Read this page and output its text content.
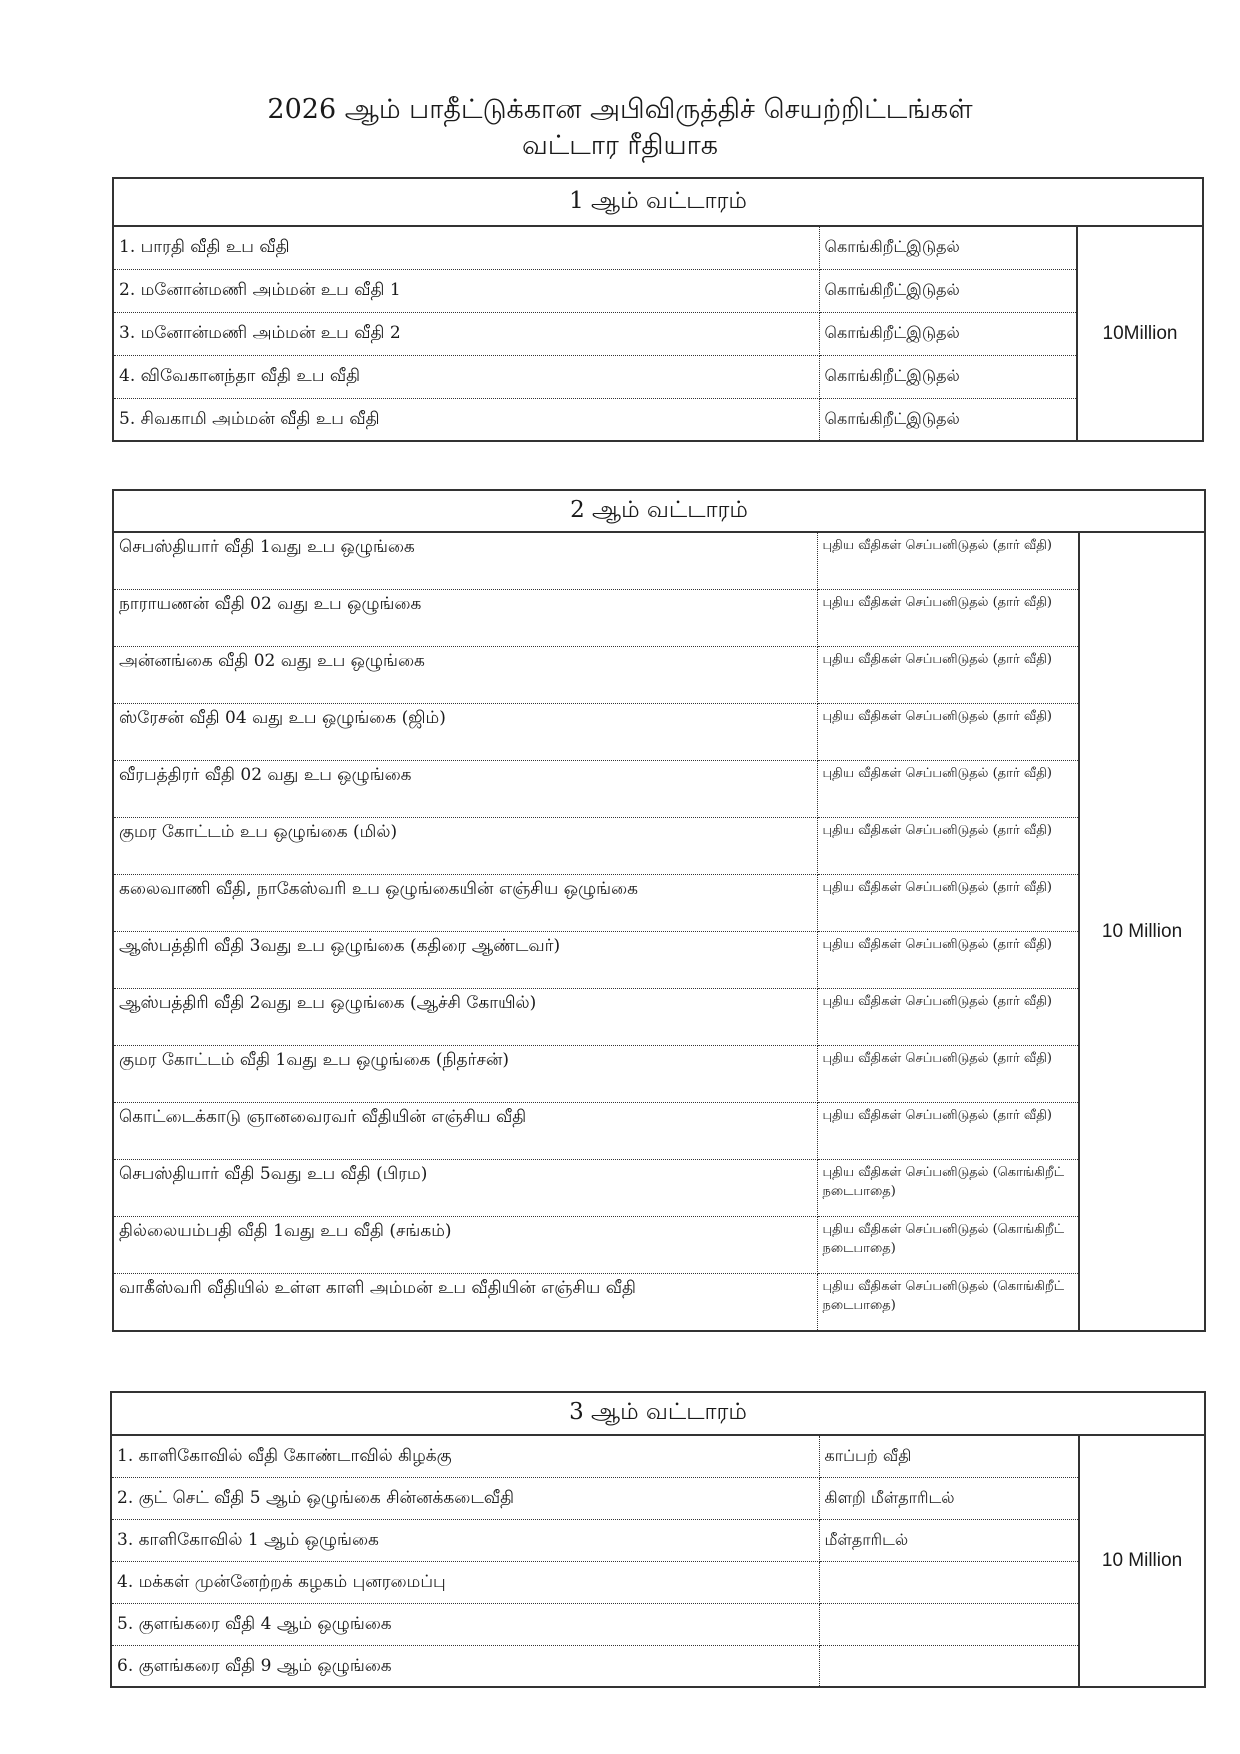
2026 ஆம் பாதீட்டுக்கான அபிவிருத்திச் செயற்றிட்டங்கள்
வட்டார ரீதியாக
1 ஆம் வட்டாரம்		
1. பாரதி வீதி உப வீதி	கொங்கிறீட்இடுதல்	10Million
2. மனோன்மணி அம்மன் உப வீதி 1	கொங்கிறீட்இடுதல்	
3. மனோன்மணி அம்மன் உப வீதி 2	கொங்கிறீட்இடுதல்	
4. விவேகானந்தா வீதி உப வீதி	கொங்கிறீட்இடுதல்	
5. சிவகாமி அம்மன் வீதி உப வீதி	கொங்கிறீட்இடுதல்	
2 ஆம் வட்டாரம்		
செபஸ்தியார் வீதி 1வது உப ஒழுங்கை	புதிய வீதிகள் செப்பனிடுதல் (தார் வீதி)	10 Million
நாராயணன் வீதி 02 வது உப ஒழுங்கை	புதிய வீதிகள் செப்பனிடுதல் (தார் வீதி)	
அன்னங்கை வீதி 02 வது உப ஒழுங்கை	புதிய வீதிகள் செப்பனிடுதல் (தார் வீதி)	
ஸ்ரேசன் வீதி 04 வது உப ஒழுங்கை (ஜிம்)	புதிய வீதிகள் செப்பனிடுதல் (தார் வீதி)	
வீரபத்திரர் வீதி 02 வது உப ஒழுங்கை	புதிய வீதிகள் செப்பனிடுதல் (தார் வீதி)	
குமர கோட்டம் உப ஒழுங்கை (மில்)	புதிய வீதிகள் செப்பனிடுதல் (தார் வீதி)	
கலைவாணி வீதி, நாகேஸ்வரி உப ஒழுங்கையின் எஞ்சிய ஒழுங்கை	புதிய வீதிகள் செப்பனிடுதல் (தார் வீதி)	
ஆஸ்பத்திரி வீதி 3வது உப ஒழுங்கை (கதிரை ஆண்டவர்)	புதிய வீதிகள் செப்பனிடுதல் (தார் வீதி)	
ஆஸ்பத்திரி வீதி 2வது உப ஒழுங்கை (ஆச்சி கோயில்)	புதிய வீதிகள் செப்பனிடுதல் (தார் வீதி)	
குமர கோட்டம் வீதி 1வது உப ஒழுங்கை (நிதர்சன்)	புதிய வீதிகள் செப்பனிடுதல் (தார் வீதி)	
கொட்டைக்காடு ஞானவைரவர் வீதியின் எஞ்சிய வீதி	புதிய வீதிகள் செப்பனிடுதல் (தார் வீதி)	
செபஸ்தியார் வீதி 5வது உப வீதி (பிரம)	புதிய வீதிகள் செப்பனிடுதல் (கொங்கிறீட் நடைபாதை)	
தில்லையம்பதி வீதி 1வது உப வீதி (சங்கம்)	புதிய வீதிகள் செப்பனிடுதல் (கொங்கிறீட் நடைபாதை)	
வாகீஸ்வரி வீதியில் உள்ள காளி அம்மன் உப வீதியின் எஞ்சிய வீதி	புதிய வீதிகள் செப்பனிடுதல் (கொங்கிறீட் நடைபாதை)	
3 ஆம் வட்டாரம்		
1. காளிகோவில் வீதி கோண்டாவில் கிழக்கு	காப்பற் வீதி	10 Million
2. குட் செட் வீதி 5 ஆம் ஒழுங்கை சின்னக்கடைவீதி	கிளறி மீள்தாரிடல்	
3. காளிகோவில் 1 ஆம் ஒழுங்கை	மீள்தாரிடல்	
4. மக்கள் முன்னேற்றக் கழகம் புனரமைப்பு		
5. குளங்கரை வீதி 4 ஆம் ஒழுங்கை		
6. குளங்கரை வீதி 9 ஆம் ஒழுங்கை		
